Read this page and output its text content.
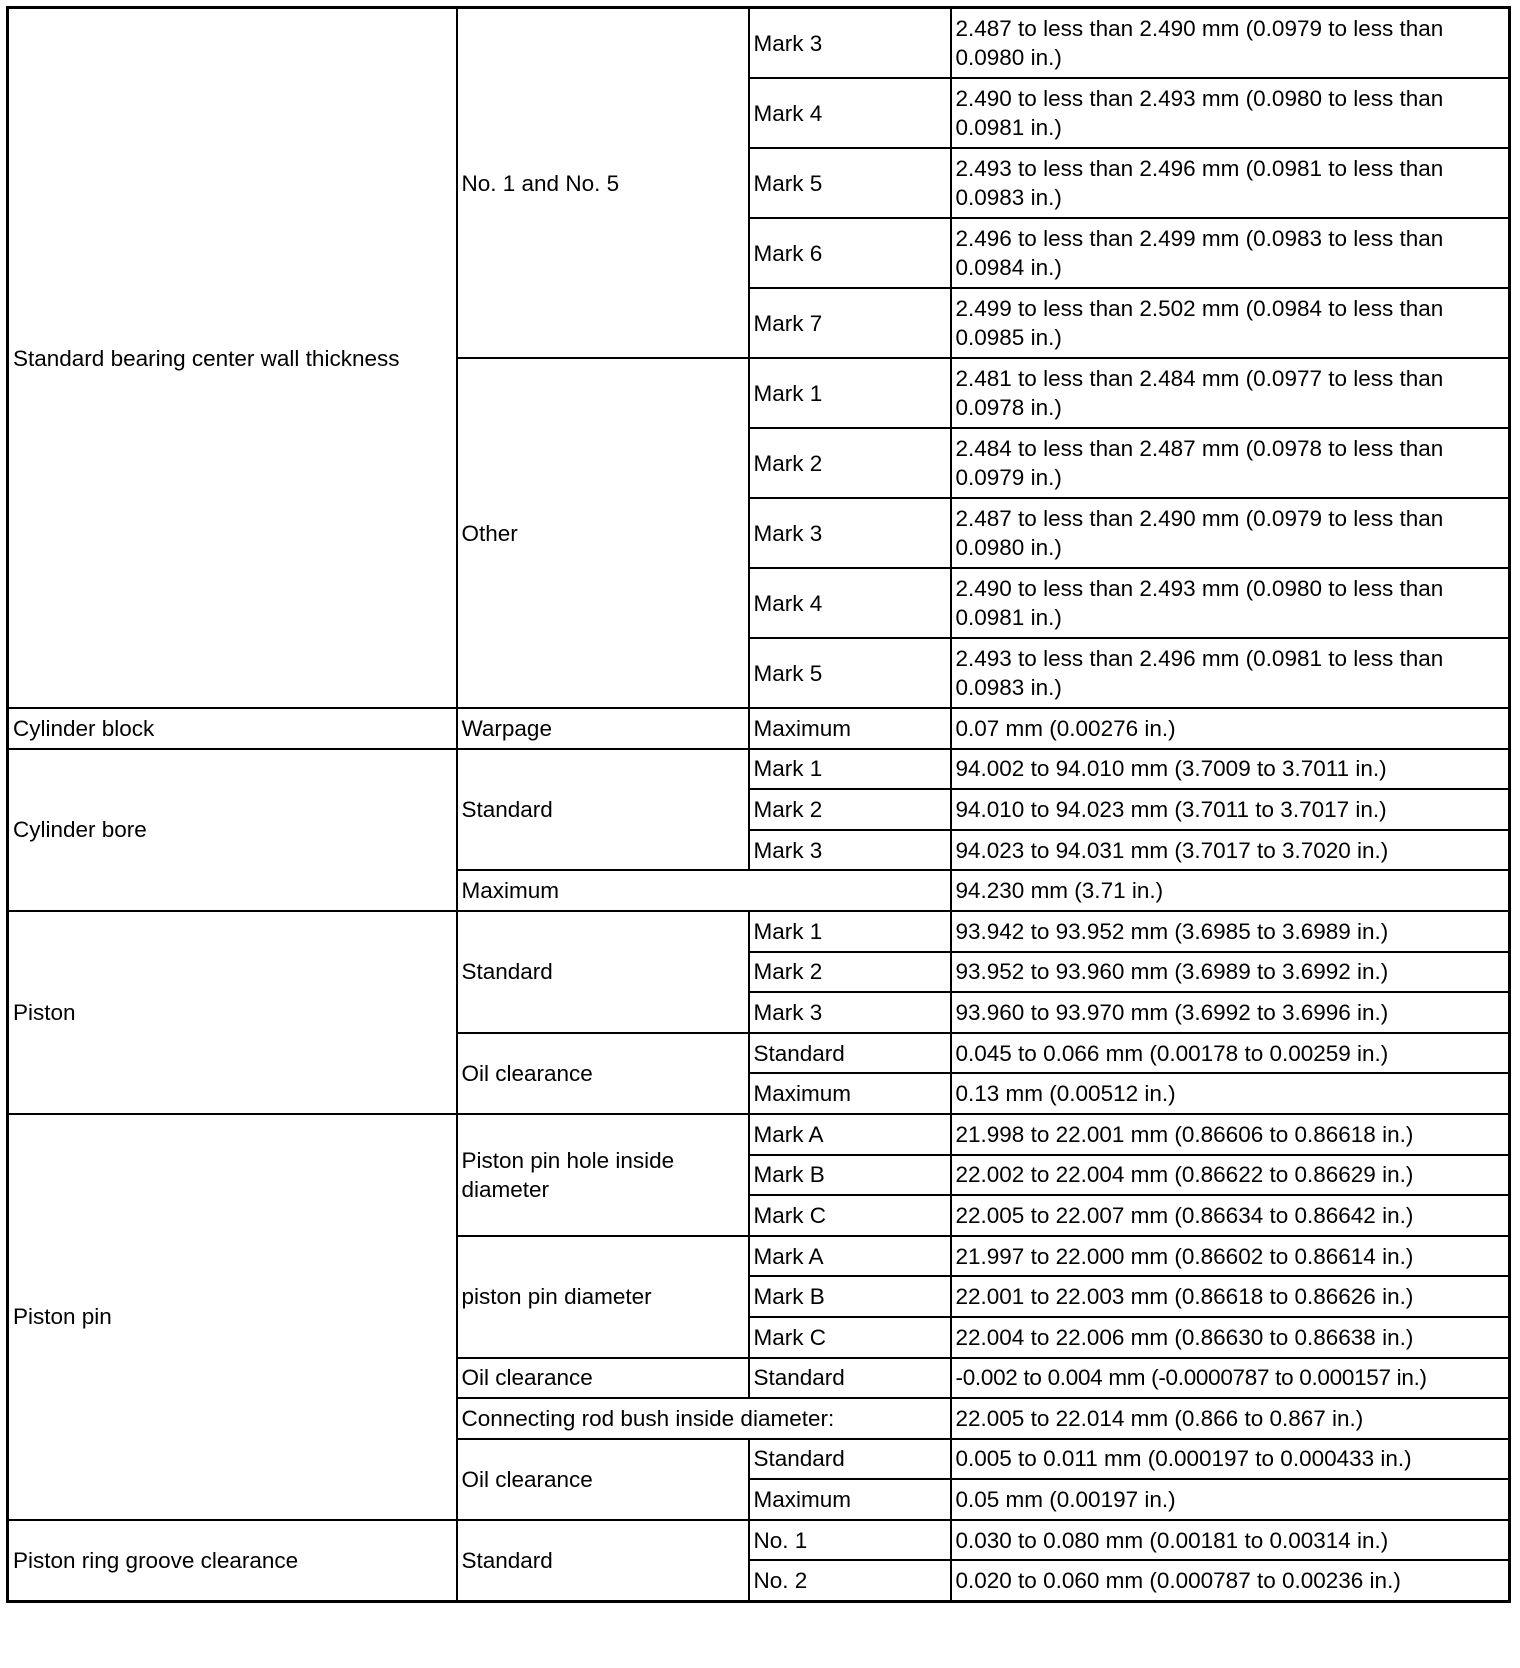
Standard bearing center wall thickness	No. 1 and No. 5	Mark 3	2.487 to less than 2.490 mm (0.0979 to less than 0.0980 in.)
		Mark 4	2.490 to less than 2.493 mm (0.0980 to less than 0.0981 in.)
		Mark 5	2.493 to less than 2.496 mm (0.0981 to less than 0.0983 in.)
		Mark 6	2.496 to less than 2.499 mm (0.0983 to less than 0.0984 in.)
		Mark 7	2.499 to less than 2.502 mm (0.0984 to less than 0.0985 in.)
	Other	Mark 1	2.481 to less than 2.484 mm (0.0977 to less than 0.0978 in.)
		Mark 2	2.484 to less than 2.487 mm (0.0978 to less than 0.0979 in.)
		Mark 3	2.487 to less than 2.490 mm (0.0979 to less than 0.0980 in.)
		Mark 4	2.490 to less than 2.493 mm (0.0980 to less than 0.0981 in.)
		Mark 5	2.493 to less than 2.496 mm (0.0981 to less than 0.0983 in.)
Cylinder block	Warpage	Maximum	0.07 mm (0.00276 in.)
Cylinder bore	Standard	Mark 1	94.002 to 94.010 mm (3.7009 to 3.7011 in.)
		Mark 2	94.010 to 94.023 mm (3.7011 to 3.7017 in.)
		Mark 3	94.023 to 94.031 mm (3.7017 to 3.7020 in.)
	Maximum		94.230 mm (3.71 in.)
Piston	Standard	Mark 1	93.942 to 93.952 mm (3.6985 to 3.6989 in.)
		Mark 2	93.952 to 93.960 mm (3.6989 to 3.6992 in.)
		Mark 3	93.960 to 93.970 mm (3.6992 to 3.6996 in.)
	Oil clearance	Standard	0.045 to 0.066 mm (0.00178 to 0.00259 in.)
		Maximum	0.13 mm (0.00512 in.)
Piston pin	Piston pin hole inside diameter	Mark A	21.998 to 22.001 mm (0.86606 to 0.86618 in.)
		Mark B	22.002 to 22.004 mm (0.86622 to 0.86629 in.)
		Mark C	22.005 to 22.007 mm (0.86634 to 0.86642 in.)
	piston pin diameter	Mark A	21.997 to 22.000 mm (0.86602 to 0.86614 in.)
		Mark B	22.001 to 22.003 mm (0.86618 to 0.86626 in.)
		Mark C	22.004 to 22.006 mm (0.86630 to 0.86638 in.)
	Oil clearance	Standard	-0.002 to 0.004 mm (-0.0000787 to 0.000157 in.)
	Connecting rod bush inside diameter:		22.005 to 22.014 mm (0.866 to 0.867 in.)
	Oil clearance	Standard	0.005 to 0.011 mm (0.000197 to 0.000433 in.)
		Maximum	0.05 mm (0.00197 in.)
Piston ring groove clearance	Standard	No. 1	0.030 to 0.080 mm (0.00181 to 0.00314 in.)
		No. 2	0.020 to 0.060 mm (0.000787 to 0.00236 in.)
